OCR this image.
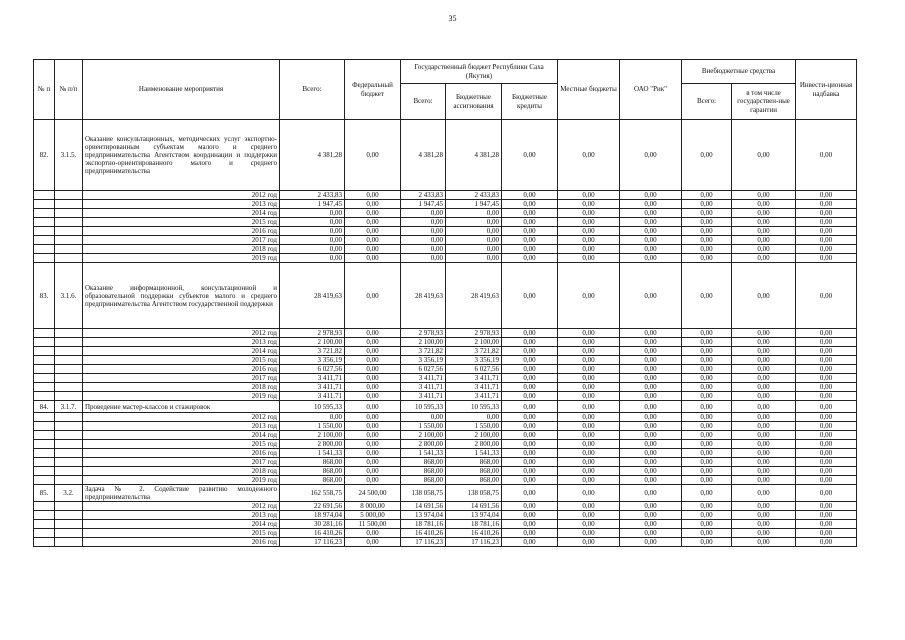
35
№ п	№ п/п	Наименование мероприятия	Всего:	Федеральный бюджет	Государственный бюджет Республики Саха (Якутия)			Местные бюджеты	ОАО "Рик"	Внебюджетные средства		Инвести-ционная надбавка
					Всего:	Бюджетные ассигнования	Бюджетные кредиты			Всего:	в том числе государствен-ные гарантии	
82.	3.1.5.	Оказание консультационных, методических услуг экспортно-ориентированным субъектам малого и среднего предпринимательства Агентством координации и поддержки экспортно-ориентированного малого и среднего предпринимательства	4 381,28	0,00	4 381,28	4 381,28	0,00	0,00	0,00	0,00	0,00	0,00
		2012 год	2 433,83	0,00	2 433,83	2 433,83	0,00	0,00	0,00	0,00	0,00	0,00
		2013 год	1 947,45	0,00	1 947,45	1 947,45	0,00	0,00	0,00	0,00	0,00	0,00
		2014 год	0,00	0,00	0,00	0,00	0,00	0,00	0,00	0,00	0,00	0,00
		2015 год	0,00	0,00	0,00	0,00	0,00	0,00	0,00	0,00	0,00	0,00
		2016 год	0,00	0,00	0,00	0,00	0,00	0,00	0,00	0,00	0,00	0,00
		2017 год	0,00	0,00	0,00	0,00	0,00	0,00	0,00	0,00	0,00	0,00
		2018 год	0,00	0,00	0,00	0,00	0,00	0,00	0,00	0,00	0,00	0,00
		2019 год	0,00	0,00	0,00	0,00	0,00	0,00	0,00	0,00	0,00	0,00
83.	3.1.6.	Оказание информационной, консультационной и образовательной поддержки субъектов малого и среднего предпринимательства Агентством государственной поддержки	28 419,63	0,00	28 419,63	28 419,63	0,00	0,00	0,00	0,00	0,00	0,00
		2012 год	2 978,93	0,00	2 978,93	2 978,93	0,00	0,00	0,00	0,00	0,00	0,00
		2013 год	2 100,00	0,00	2 100,00	2 100,00	0,00	0,00	0,00	0,00	0,00	0,00
		2014 год	3 721,82	0,00	3 721,82	3 721,82	0,00	0,00	0,00	0,00	0,00	0,00
		2015 год	3 356,19	0,00	3 356,19	3 356,19	0,00	0,00	0,00	0,00	0,00	0,00
		2016 год	6 027,56	0,00	6 027,56	6 027,56	0,00	0,00	0,00	0,00	0,00	0,00
		2017 год	3 411,71	0,00	3 411,71	3 411,71	0,00	0,00	0,00	0,00	0,00	0,00
		2018 год	3 411,71	0,00	3 411,71	3 411,71	0,00	0,00	0,00	0,00	0,00	0,00
		2019 год	3 411,71	0,00	3 411,71	3 411,71	0,00	0,00	0,00	0,00	0,00	0,00
84.	3.1.7.	Проведение мастер-классов и стажировок	10 595,33	0,00	10 595,33	10 595,33	0,00	0,00	0,00	0,00	0,00	0,00
		2012 год	0,00	0,00	0,00	0,00	0,00	0,00	0,00	0,00	0,00	0,00
		2013 год	1 550,00	0,00	1 550,00	1 550,00	0,00	0,00	0,00	0,00	0,00	0,00
		2014 год	2 100,00	0,00	2 100,00	2 100,00	0,00	0,00	0,00	0,00	0,00	0,00
		2015 год	2 800,00	0,00	2 800,00	2 800,00	0,00	0,00	0,00	0,00	0,00	0,00
		2016 год	1 541,33	0,00	1 541,33	1 541,33	0,00	0,00	0,00	0,00	0,00	0,00
		2017 год	868,00	0,00	868,00	868,00	0,00	0,00	0,00	0,00	0,00	0,00
		2018 год	868,00	0,00	868,00	868,00	0,00	0,00	0,00	0,00	0,00	0,00
		2019 год	868,00	0,00	868,00	868,00	0,00	0,00	0,00	0,00	0,00	0,00
85.	3.2.	Задача № 2. Содействие развитию молодежного предпринимательства	162 558,75	24 500,00	138 058,75	138 058,75	0,00	0,00	0,00	0,00	0,00	0,00
		2012 год	22 691,56	8 000,00	14 691,56	14 691,56	0,00	0,00	0,00	0,00	0,00	0,00
		2013 год	18 974,04	5 000,00	13 974,04	13 974,04	0,00	0,00	0,00	0,00	0,00	0,00
		2014 год	30 281,16	11 500,00	18 781,16	18 781,16	0,00	0,00	0,00	0,00	0,00	0,00
		2015 год	16 410,26	0,00	16 410,26	16 410,26	0,00	0,00	0,00	0,00	0,00	0,00
		2016 год	17 116,23	0,00	17 116,23	17 116,23	0,00	0,00	0,00	0,00	0,00	0,00
